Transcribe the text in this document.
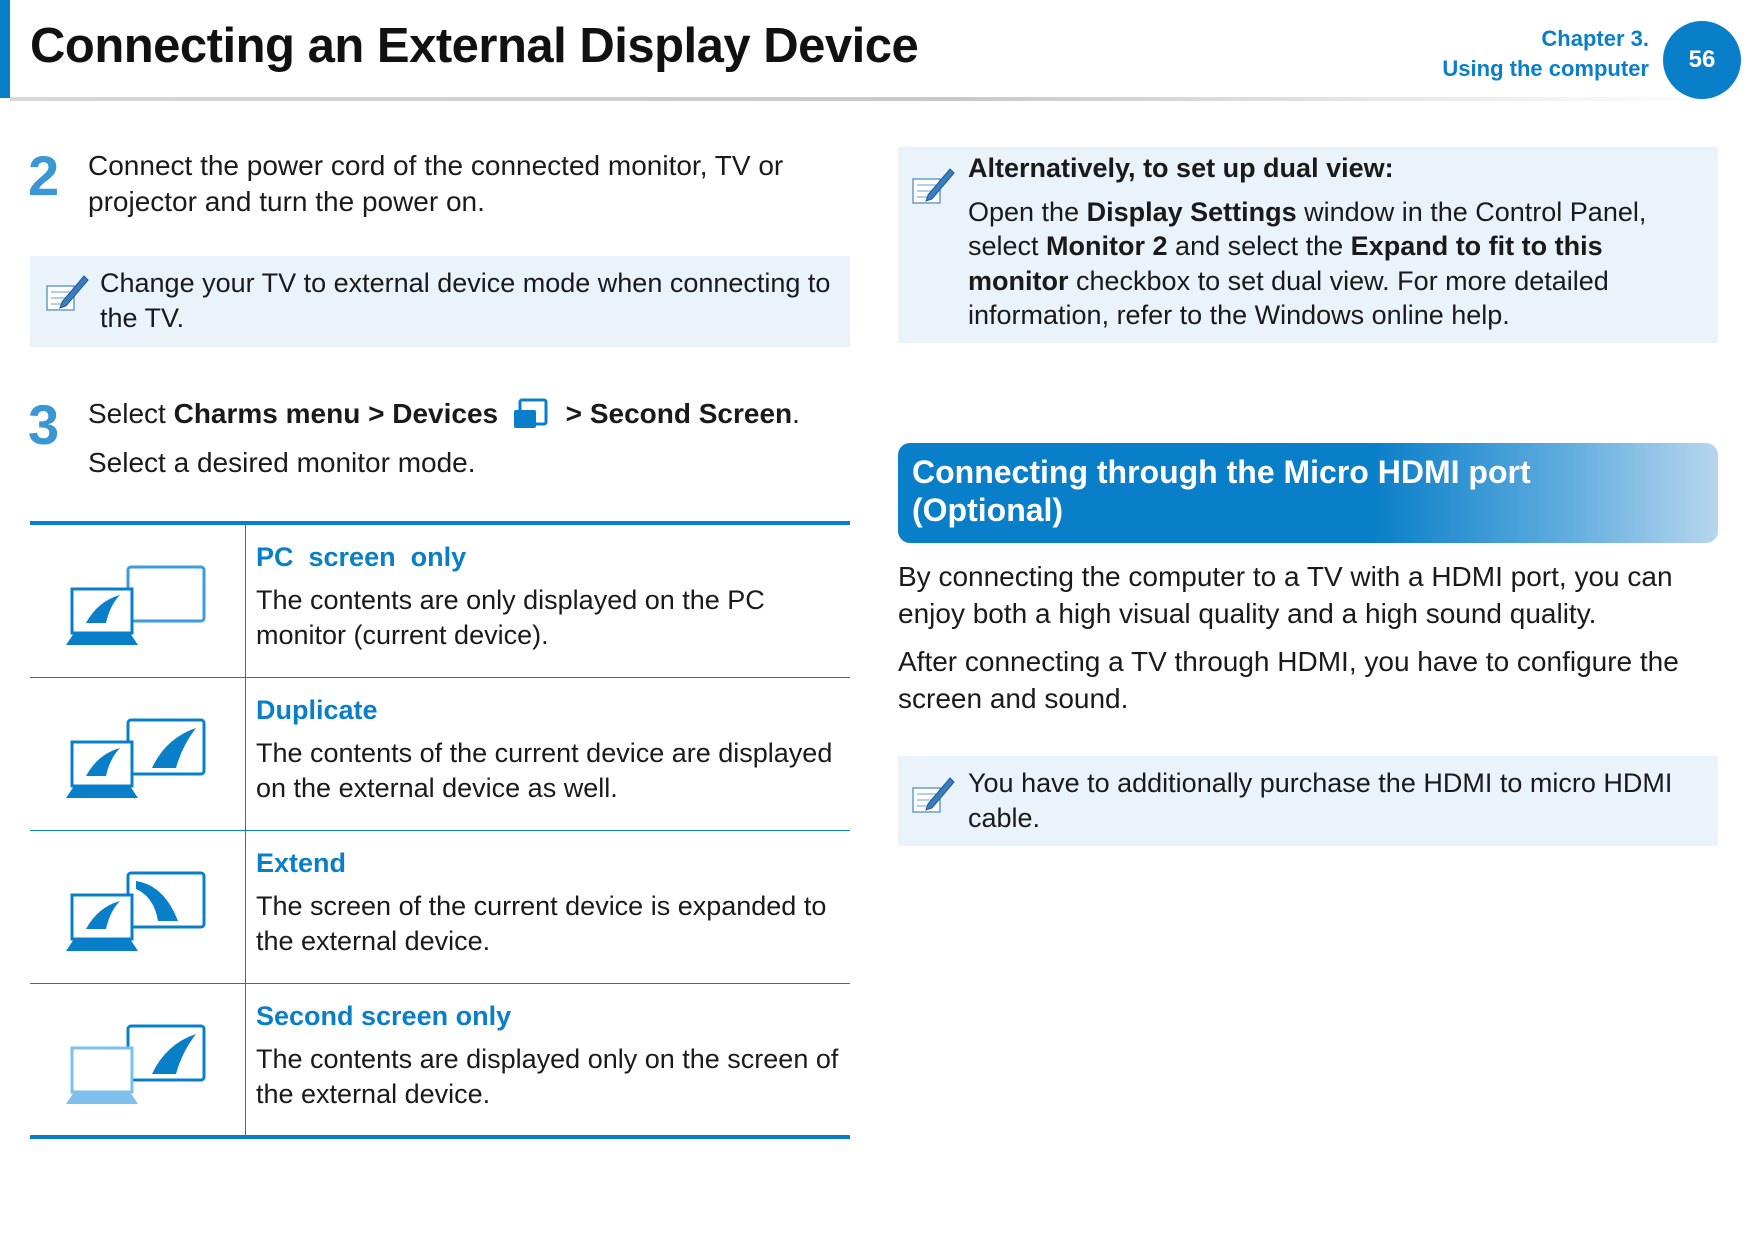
Connecting an External Display Device	Chapter 3.
Using the computer	56
2 Connect the power cord of the connected monitor, TV or projector and turn the power on.
Change your TV to external device mode when connecting to the TV.
3 Select Charms menu > Devices  > Second Screen.
Select a desired monitor mode.
PC  screen  only
The contents are only displayed on the PC monitor (current device).
Duplicate
The contents of the current device are displayed on the external device as well.
Extend
The screen of the current device is expanded to the external device.
Second screen only
The contents are displayed only on the screen of the external device.
Alternatively, to set up dual view:
Open the Display Settings window in the Control Panel,
select Monitor 2 and select the Expand to fit to this
monitor checkbox to set dual view. For more detailed
information, refer to the Windows online help.
Connecting through the Micro HDMI port (Optional)
By connecting the computer to a TV with a HDMI port, you can enjoy both a high visual quality and a high sound quality.
After connecting a TV through HDMI, you have to configure the screen and sound.
You have to additionally purchase the HDMI to micro HDMI cable.
